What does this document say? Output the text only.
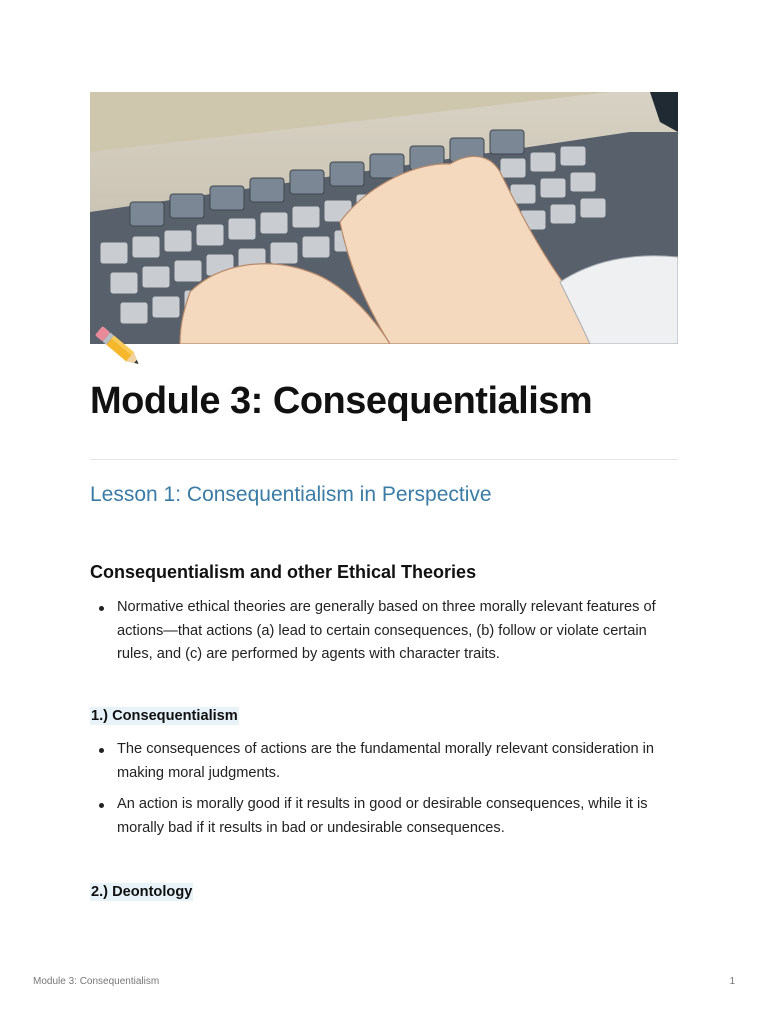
Module 3: Consequentialism
Lesson 1: Consequentialism in Perspective
Consequentialism and other Ethical Theories
Normative ethical theories are generally based on three morally relevant features of actions—that actions (a) lead to certain consequences, (b) follow or violate certain rules, and (c) are performed by agents with character traits.
1.) Consequentialism
The consequences of actions are the fundamental morally relevant consideration in making moral judgments.
An action is morally good if it results in good or desirable consequences, while it is morally bad if it results in bad or undesirable consequences.
2.) Deontology
Module 3: Consequentialism	1
